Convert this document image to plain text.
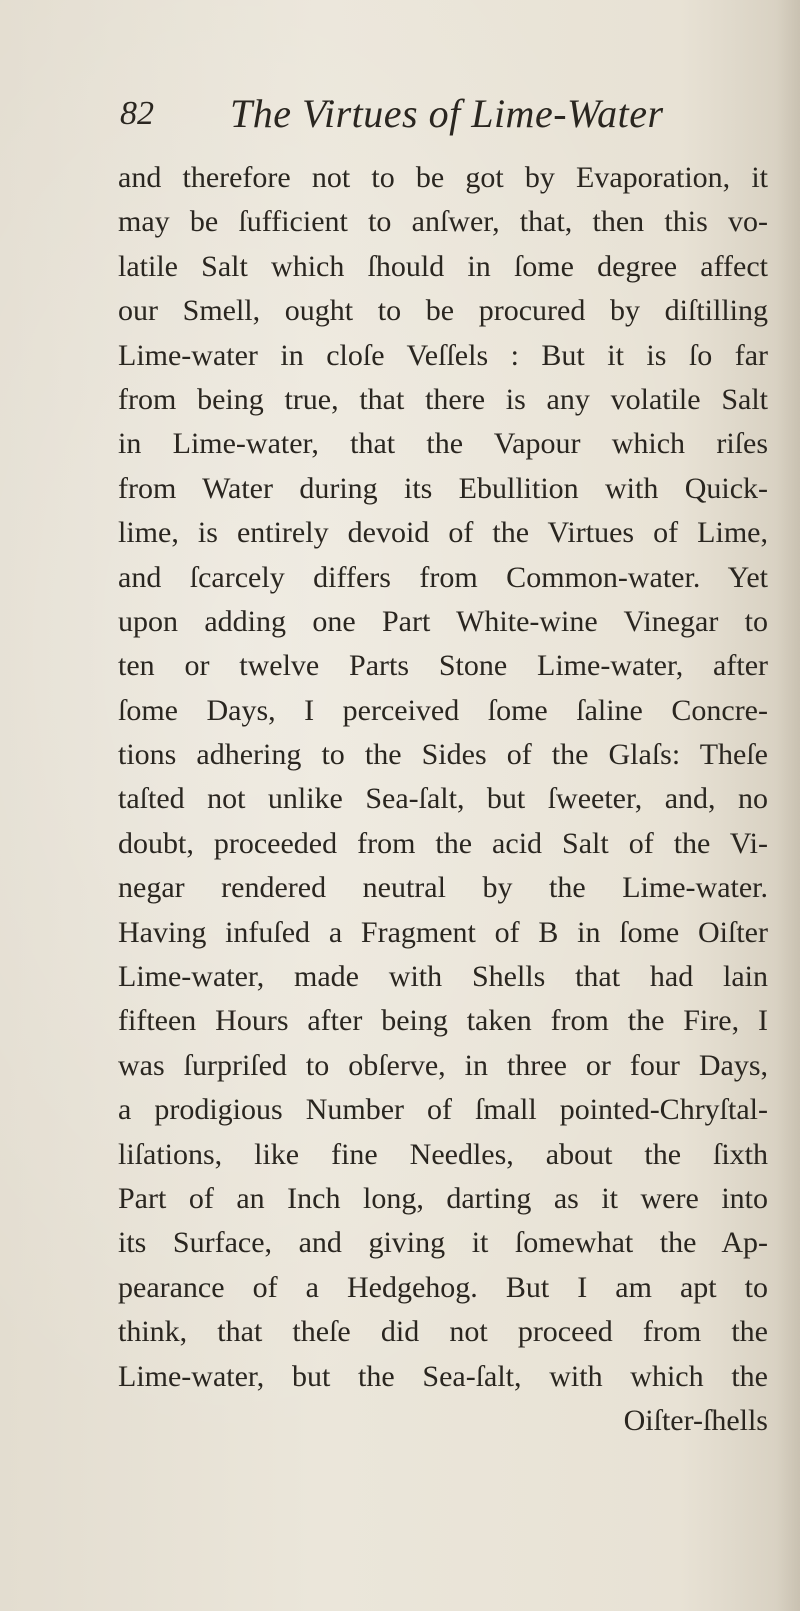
82 The Virtues of Lime-Water
and therefore not to be got by Evaporation, it
may be ſufficient to anſwer, that, then this vo-
latile Salt which ſhould in ſome degree affect
our Smell, ought to be procured by diſtilling
Lime-water in cloſe Veſſels : But it is ſo far
from being true, that there is any volatile Salt
in Lime-water, that the Vapour which riſes
from Water during its Ebullition with Quick-
lime, is entirely devoid of the Virtues of Lime,
and ſcarcely differs from Common-water. Yet
upon adding one Part White-wine Vinegar to
ten or twelve Parts Stone Lime-water, after
ſome Days, I perceived ſome ſaline Concre-
tions adhering to the Sides of the Glaſs: Theſe
taſted not unlike Sea-ſalt, but ſweeter, and, no
doubt, proceeded from the acid Salt of the Vi-
negar rendered neutral by the Lime-water.
Having infuſed a Fragment of B in ſome Oiſter
Lime-water, made with Shells that had lain
fifteen Hours after being taken from the Fire, I
was ſurpriſed to obſerve, in three or four Days,
a prodigious Number of ſmall pointed-Chryſtal-
liſations, like fine Needles, about the ſixth
Part of an Inch long, darting as it were into
its Surface, and giving it ſomewhat the Ap-
pearance of a Hedgehog. But I am apt to
think, that theſe did not proceed from the
Lime-water, but the Sea-ſalt, with which the
Oiſter-ſhells
